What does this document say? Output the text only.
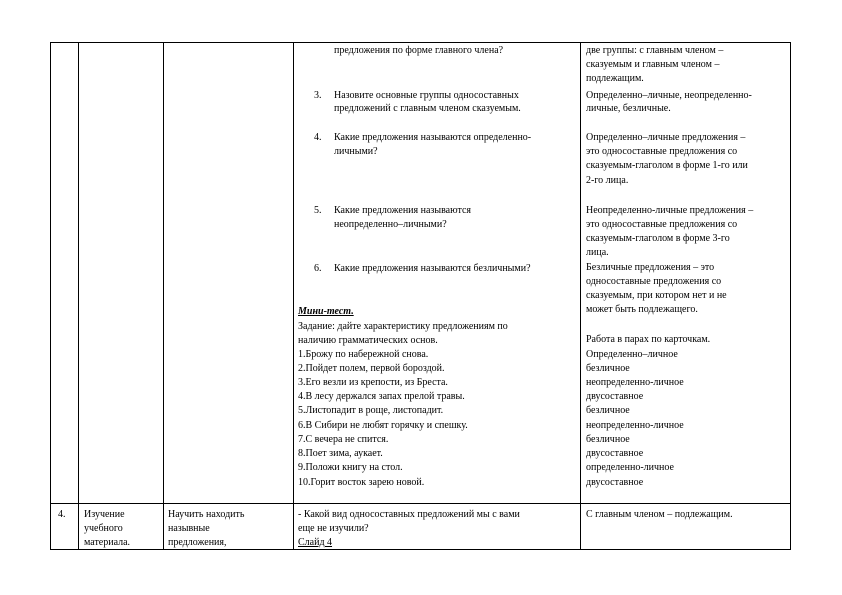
предложения по форме главного члена?
3. Назовите основные группы односоставных
предложений с главным членом сказуемым.
4. Какие предложения называются определенно-
личными?
5. Какие предложения называются
неопределенно–личными?
6. Какие предложения называются безличными?
Мини-тест.
Задание: дайте характеристику предложениям по
наличию грамматических основ.
1.Брожу по набережной снова.
2.Пойдет полем, первой бороздой.
3.Его везли из крепости, из Бреста.
4.В лесу держался запах прелой травы.
5.Листопадит в роще, листопадит.
6.В Сибири не любят горячку и спешку.
7.С вечера не спится.
8.Поет зима, аукает.
9.Положи книгу на стол.
10.Горит восток зарею новой.
две группы: с главным членом –
сказуемым и главным членом –
подлежащим.
Определенно–личные, неопределенно-
личные, безличные.
Определенно–личные предложения –
это односоставные предложения со
сказуемым-глаголом в форме 1-го или
2-го лица.
Неопределенно-личные предложения –
это односоставные предложения со
сказуемым-глаголом в форме 3-го
лица.
Безличные предложения – это
односоставные предложения со
сказуемым, при котором нет и не
может быть подлежащего.
Работа в парах по карточкам.
Определенно–личное
безличное
неопределенно-личное
двусоставное
безличное
неопределенно-личное
безличное
двусоставное
определенно-личное
двусоставное
4. Изучение
учебного
материала.
Научить находить
назывные
предложения,
- Какой вид односоставных предложений мы с вами
еще не изучили?
Слайд 4
С главным членом – подлежащим.
